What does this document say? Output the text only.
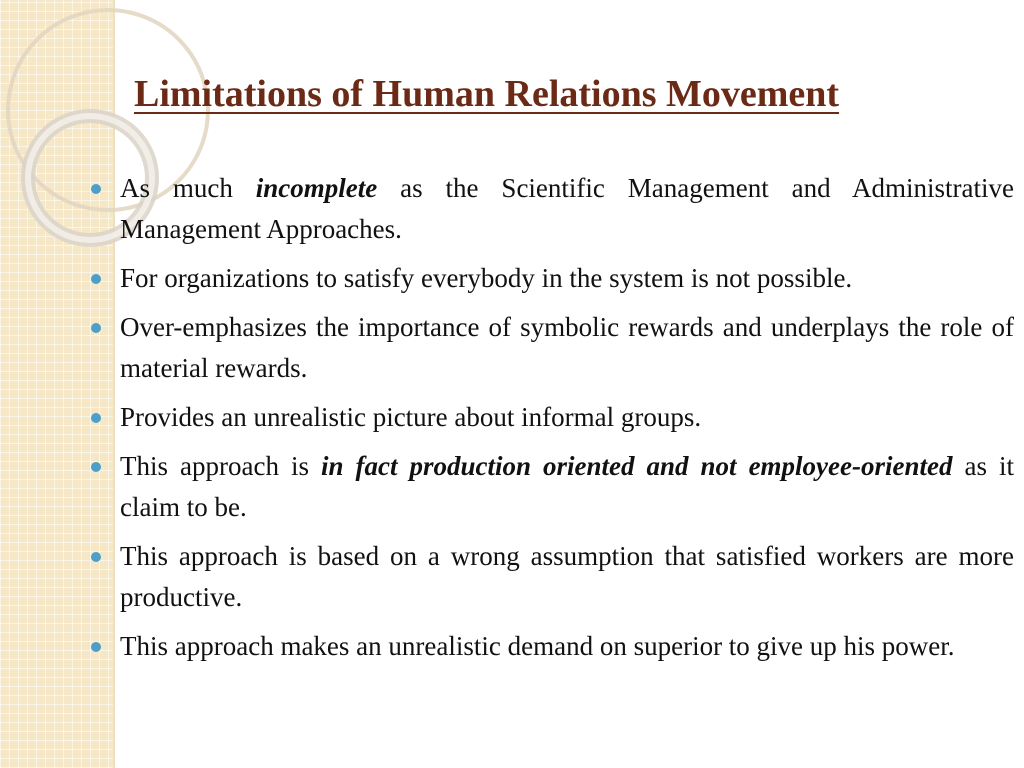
Limitations of Human Relations Movement
As much incomplete as the Scientific Management and Administrative Management Approaches.
For organizations to satisfy everybody in the system is not possible.
Over-emphasizes the importance of symbolic rewards and underplays the role of material rewards.
Provides an unrealistic picture about informal groups.
This approach is in fact production oriented and not employee-oriented as it claim to be.
This approach is based on a wrong assumption that satisfied workers are more productive.
This approach makes an unrealistic demand on superior to give up his power.
